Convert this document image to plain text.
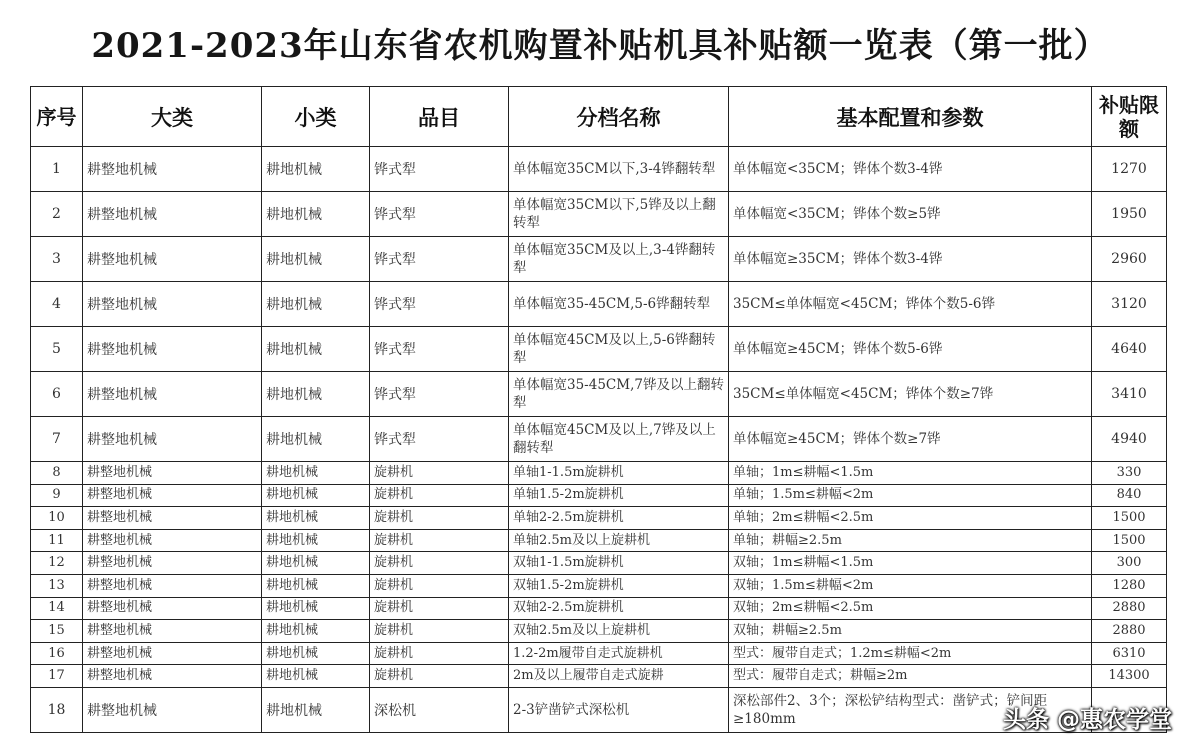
2021-2023年山东省农机购置补贴机具补贴额一览表（第一批）
序号	大类	小类	品目	分档名称	基本配置和参数	补贴限额
1	耕整地机械	耕地机械	铧式犁	单体幅宽35CM以下,3-4铧翻转犁	单体幅宽<35CM；铧体个数3-4铧	1270
2	耕整地机械	耕地机械	铧式犁	单体幅宽35CM以下,5铧及以上翻转犁	单体幅宽<35CM；铧体个数≥5铧	1950
3	耕整地机械	耕地机械	铧式犁	单体幅宽35CM及以上,3-4铧翻转犁	单体幅宽≥35CM；铧体个数3-4铧	2960
4	耕整地机械	耕地机械	铧式犁	单体幅宽35-45CM,5-6铧翻转犁	35CM≤单体幅宽<45CM；铧体个数5-6铧	3120
5	耕整地机械	耕地机械	铧式犁	单体幅宽45CM及以上,5-6铧翻转犁	单体幅宽≥45CM；铧体个数5-6铧	4640
6	耕整地机械	耕地机械	铧式犁	单体幅宽35-45CM,7铧及以上翻转犁	35CM≤单体幅宽<45CM；铧体个数≥7铧	3410
7	耕整地机械	耕地机械	铧式犁	单体幅宽45CM及以上,7铧及以上翻转犁	单体幅宽≥45CM；铧体个数≥7铧	4940
8	耕整地机械	耕地机械	旋耕机	单轴1-1.5m旋耕机	单轴；1m≤耕幅<1.5m	330
9	耕整地机械	耕地机械	旋耕机	单轴1.5-2m旋耕机	单轴；1.5m≤耕幅<2m	840
10	耕整地机械	耕地机械	旋耕机	单轴2-2.5m旋耕机	单轴；2m≤耕幅<2.5m	1500
11	耕整地机械	耕地机械	旋耕机	单轴2.5m及以上旋耕机	单轴；耕幅≥2.5m	1500
12	耕整地机械	耕地机械	旋耕机	双轴1-1.5m旋耕机	双轴；1m≤耕幅<1.5m	300
13	耕整地机械	耕地机械	旋耕机	双轴1.5-2m旋耕机	双轴；1.5m≤耕幅<2m	1280
14	耕整地机械	耕地机械	旋耕机	双轴2-2.5m旋耕机	双轴；2m≤耕幅<2.5m	2880
15	耕整地机械	耕地机械	旋耕机	双轴2.5m及以上旋耕机	双轴；耕幅≥2.5m	2880
16	耕整地机械	耕地机械	旋耕机	1.2-2m履带自走式旋耕机	型式：履带自走式；1.2m≤耕幅<2m	6310
17	耕整地机械	耕地机械	旋耕机	2m及以上履带自走式旋耕	型式：履带自走式；耕幅≥2m	14300
18	耕整地机械	耕地机械	深松机	2-3铲凿铲式深松机	深松部件2、3个；深松铲结构型式：凿铲式；铲间距≥180mm		头条 @惠农学堂
